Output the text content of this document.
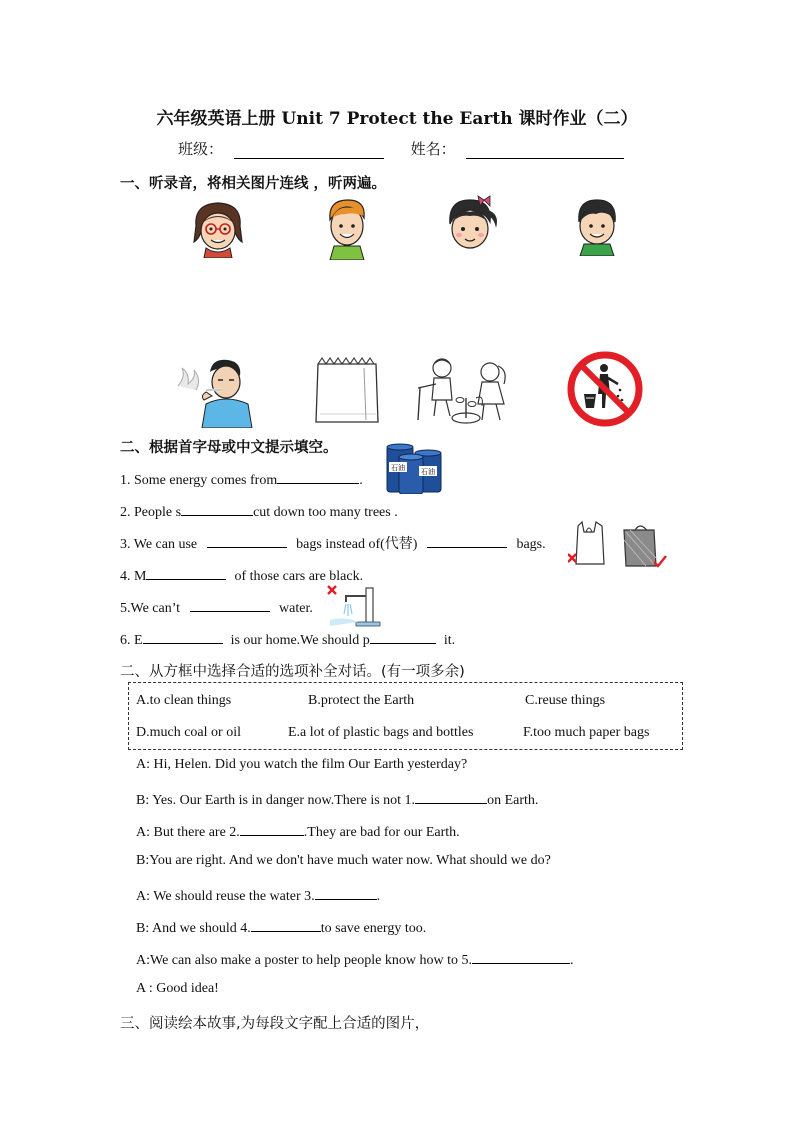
六年级英语上册 Unit 7 Protect the Earth 课时作业（二）
班级：	姓名：
一、听录音，将相关图片连线 ，听两遍。
二、根据首字母或中文提示填空。
1. Some energy comes from	.
石油 石油
2. People s	cut down too many trees .
3. We can use	bags instead of(代替)	bags.
4. M	of those cars are black.
5.We can’t	water.
6. E	is our home.We should p	it.
二、从方框中选择合适的选项补全对话。(有一项多余)
A.to clean things	B.protect the Earth	C.reuse things
D.much coal or oil	E.a lot of plastic bags and bottles	F.too much paper bags
A: Hi, Helen. Did you watch the film Our Earth yesterday?
B: Yes. Our Earth is in danger now.There is not 1.	on Earth.
A: But there are 2.	.They are bad for our Earth.
B:You are right. And we don't have much water now. What should we do?
A: We should reuse the water 3.	.
B: And we should 4.	to save energy too.
A:We can also make a poster to help people know how to 5.	.
A : Good idea!
三、阅读绘本故事,为每段文字配上合适的图片，
